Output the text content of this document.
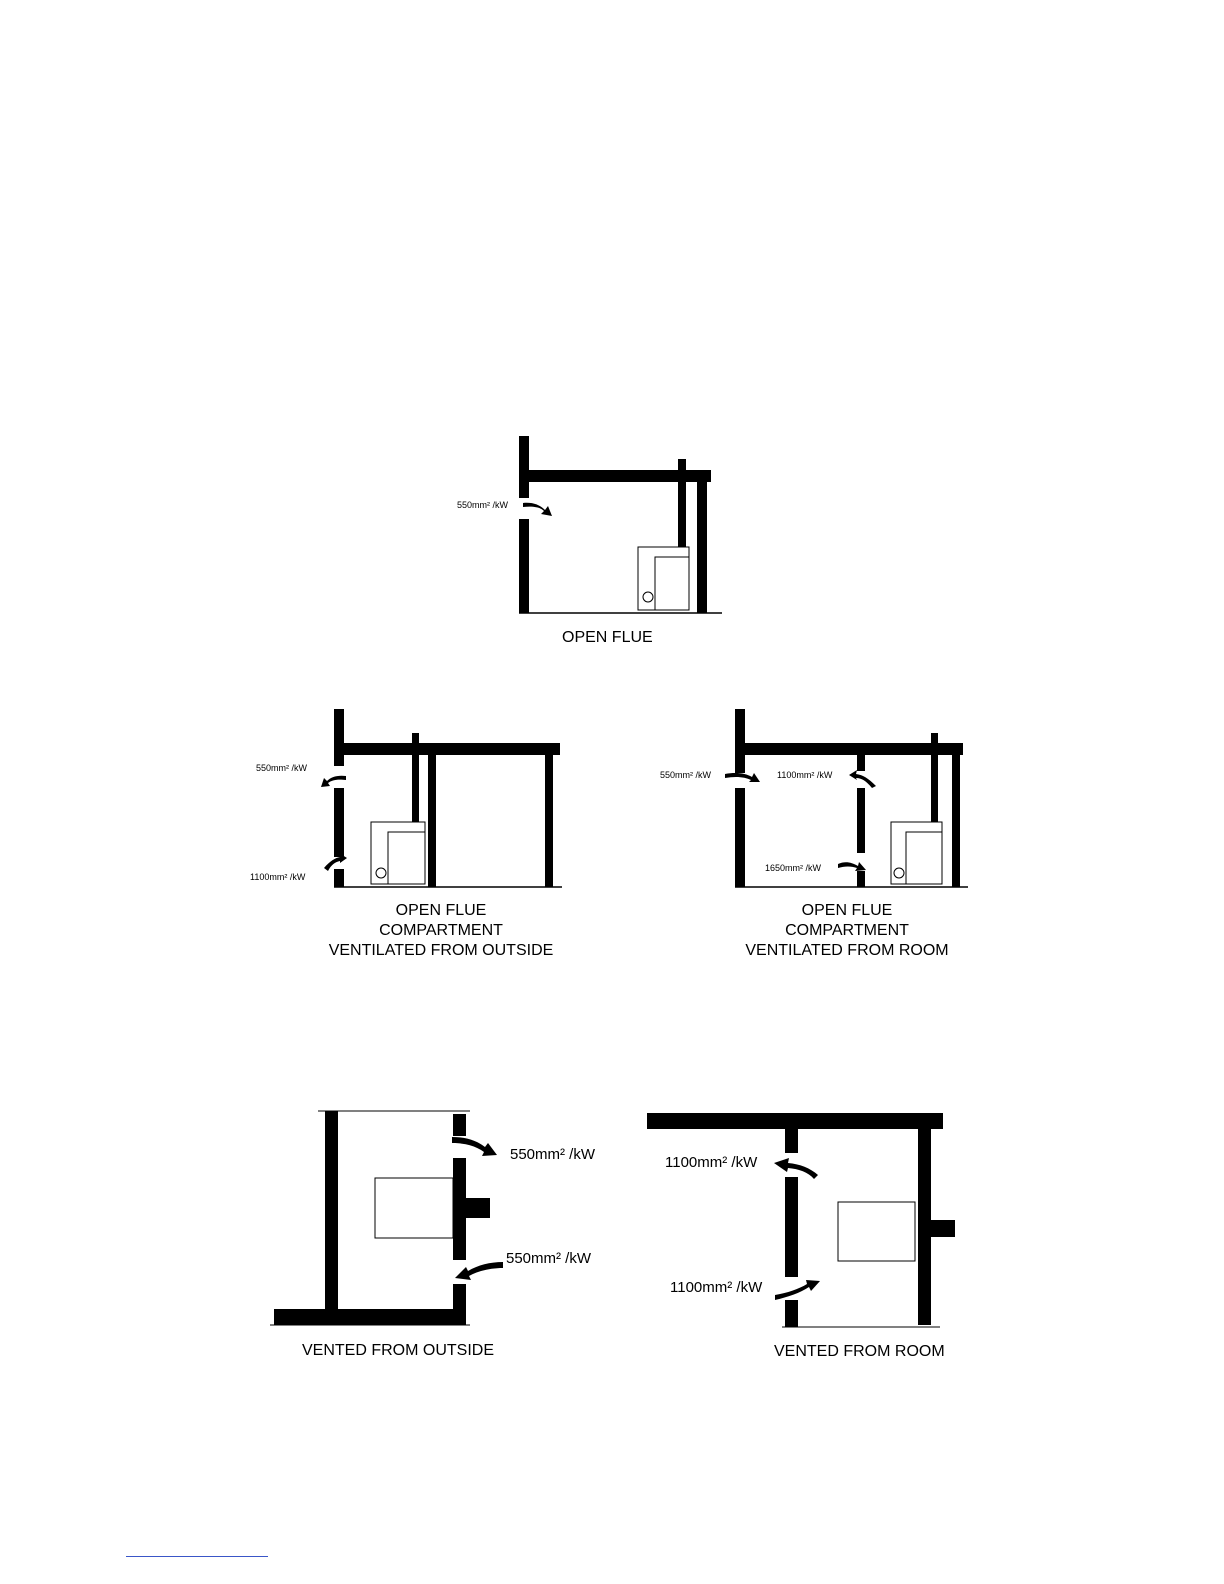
550mm² /kW
OPEN FLUE
550mm² /kW
1100mm² /kW
OPEN FLUE
COMPARTMENT
VENTILATED FROM OUTSIDE
550mm² /kW	1100mm² /kW
1650mm² /kW
OPEN FLUE
COMPARTMENT
VENTILATED FROM ROOM
550mm² /kW
550mm² /kW
VENTED FROM OUTSIDE
1100mm² /kW
1100mm² /kW
VENTED FROM ROOM
